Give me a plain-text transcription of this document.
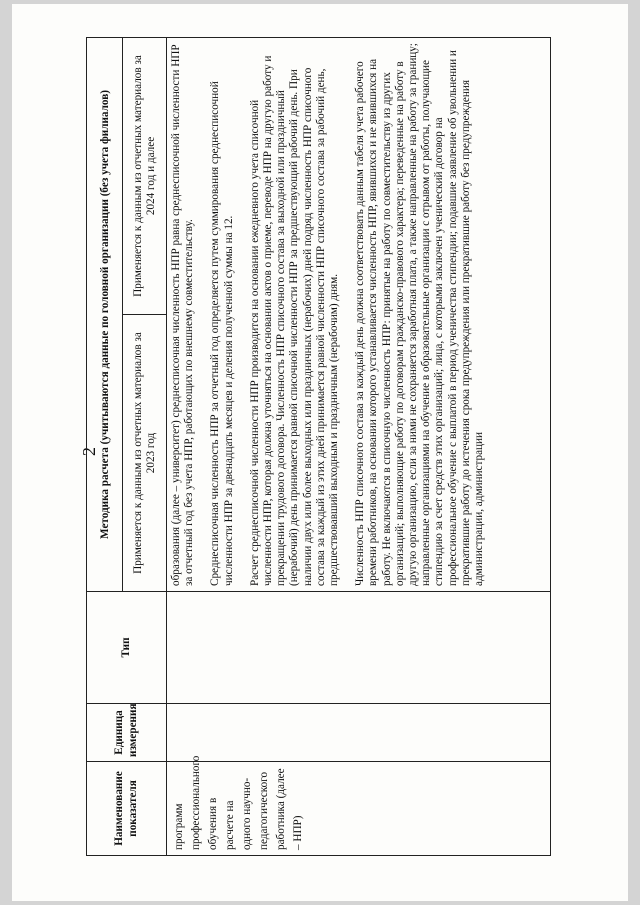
2
Наименование показателя	Единица измерения	Тип	Методика расчета (учитываются данные по головной организации (без учета филиалов)	
			Применяется к данным из отчетных материалов за 2023 год	Применяется к данным из отчетных материалов за 2024 год и далее
программ профессионального обучения в расчете на одного научно-педагогического работника (далее – НПР)			образования (далее – университет) среднесписочная численность НПР равна среднесписочной численности НПР за отчетный год без учета НПР, работающих по внешнему совместительству. Среднесписочная численность НПР за отчетный год определяется путем суммирования среднесписочной численности НПР за двенадцать месяцев и деления полученной суммы на 12. Расчет среднесписочной численности НПР производится на основании ежедневного учета списочной численности НПР, которая должна уточняться на основании актов о приеме, переводе НПР на другую работу и прекращении трудового договора. Численность НПР списочного состава за выходной или праздничный (нерабочий) день принимается равной списочной численности НПР за предшествующий рабочий день. При наличии двух или более выходных или праздничных (нерабочих) дней подряд численность НПР списочного состава за каждый из этих дней принимается равной численности НПР списочного состава за рабочий день, предшествовавший выходным и праздничным (нерабочим) дням. Численность НПР списочного состава за каждый день должна соответствовать данным табеля учета рабочего времени работников, на основании которого устанавливается численность НПР, явившихся и не явившихся на работу. Не включаются в списочную численность НПР: принятые на работу по совместительству из других организаций; выполняющие работу по договорам гражданско-правового характера; переведенные на работу в другую организацию, если за ними не сохраняется заработная плата, а также направленные на работу за границу; направленные организациями на обучение в образовательные организации с отрывом от работы, получающие стипендию за счет средств этих организаций; лица, с которыми заключен ученический договор на профессиональное обучение с выплатой в период ученичества стипендии; подавшие заявление об увольнении и прекратившие работу до истечения срока предупреждения или прекратившие работу без предупреждения администрации, администрации	
